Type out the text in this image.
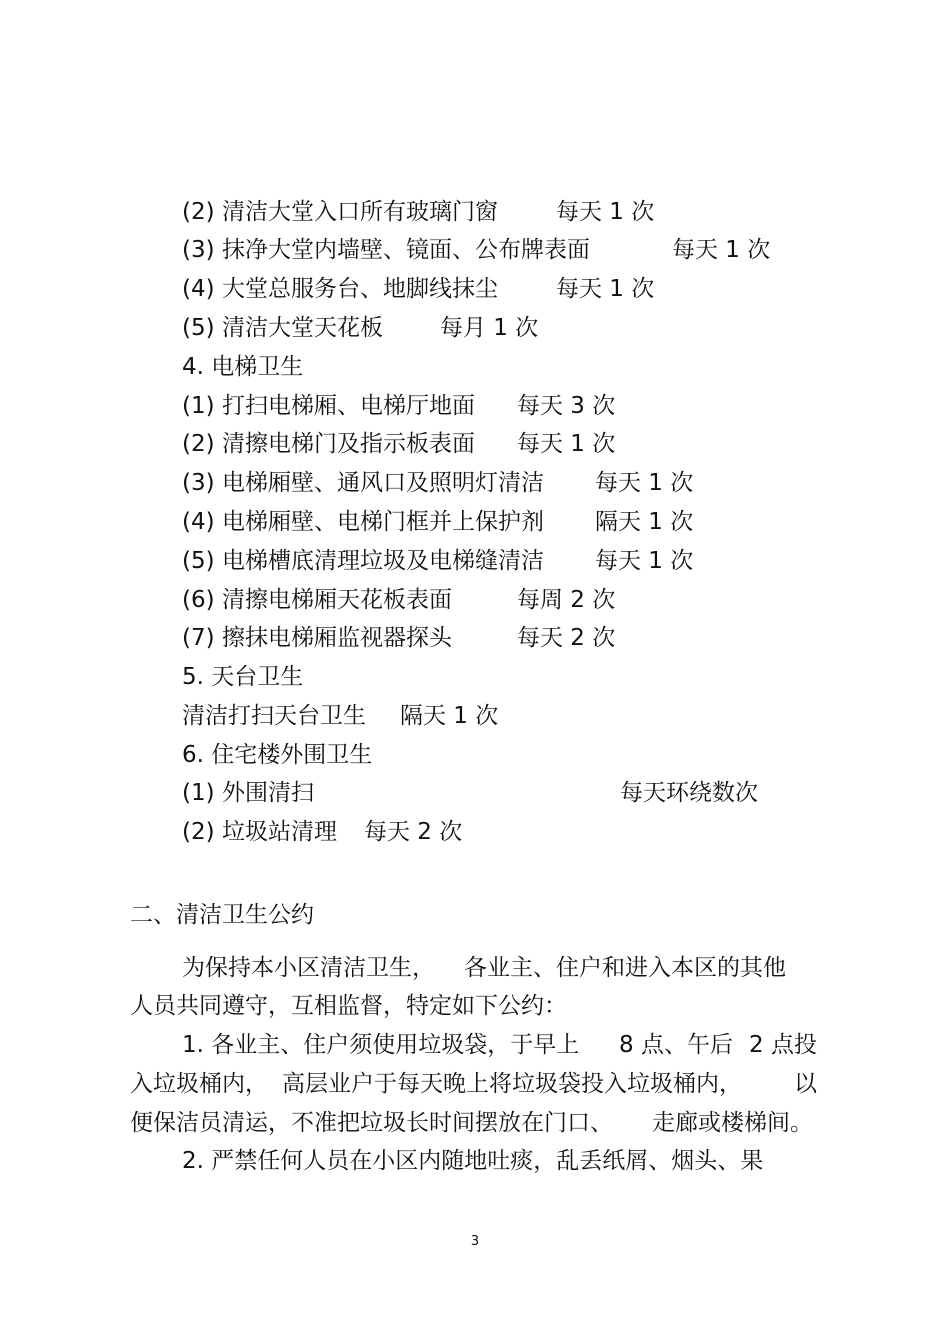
(2) 清洁大堂入口所有玻璃门窗	每天 1 次
(3) 抹净大堂内墙壁、镜面、公布牌表面	每天 1 次
(4) 大堂总服务台、地脚线抹尘	每天 1 次
(5) 清洁大堂天花板 每月 1 次
4. 电梯卫生
(1) 打扫电梯厢、电梯厅地面 每天 3 次
(2) 清擦电梯门及指示板表面 每天 1 次
(3) 电梯厢壁、通风口及照明灯清洁 每天 1 次
(4) 电梯厢壁、电梯门框并上保护剂 隔天 1 次
(5) 电梯槽底清理垃圾及电梯缝清洁 每天 1 次
(6) 清擦电梯厢天花板表面	每周 2 次
(7) 擦抹电梯厢监视器探头	每天 2 次
5. 天台卫生
清洁打扫天台卫生 隔天 1 次
6. 住宅楼外围卫生
(1) 外围清扫	每天环绕数次
(2) 垃圾站清理 每天 2 次
二、清洁卫生公约
为保持本小区清洁卫生， 各业主、住户和进入本区的其他
人员共同遵守，互相监督，特定如下公约：
1. 各业主、住户须使用垃圾袋，于早上 8 点、午后 2 点投
入垃圾桶内， 高层业户于每天晚上将垃圾袋投入垃圾桶内， 以
便保洁员清运，不准把垃圾长时间摆放在门口、 走廊或楼梯间。
2. 严禁任何人员在小区内随地吐痰，乱丢纸屑、烟头、果
3
